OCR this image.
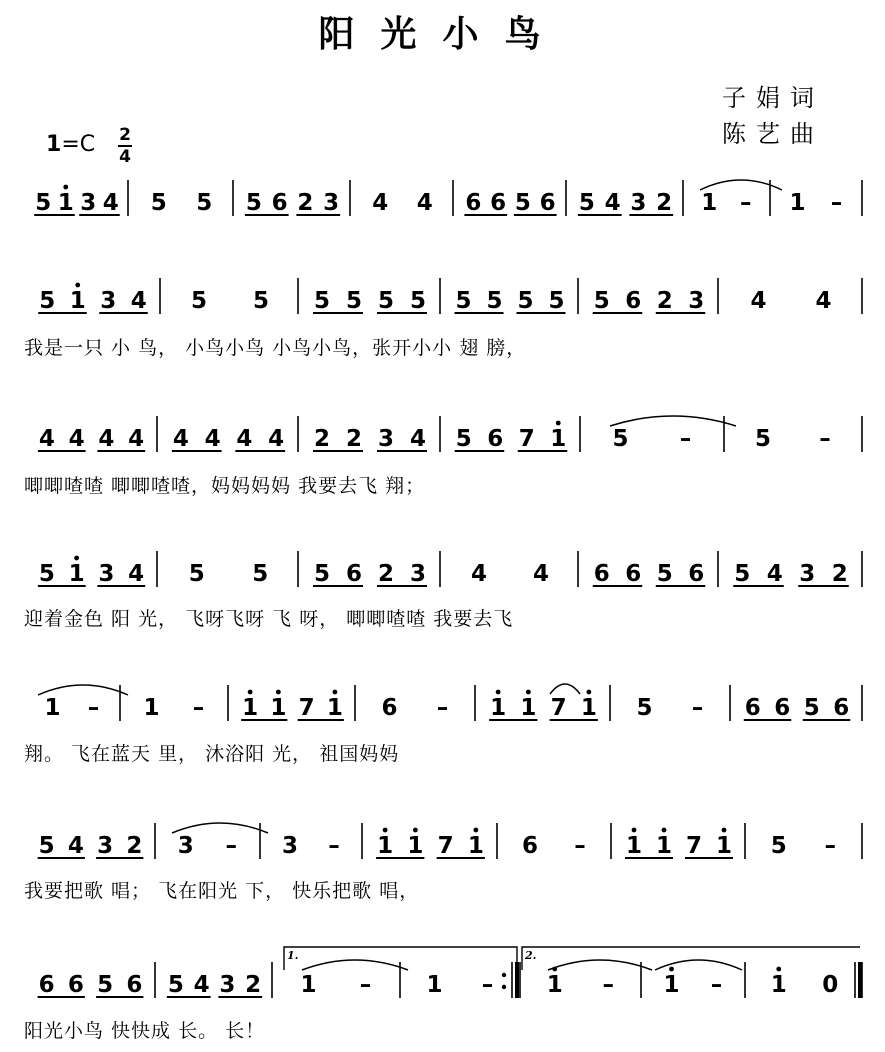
阳光小鸟
子娟词
陈艺曲
1=C 2
4
5 1 3 4 5 5 5 6 2 3 4 4 6 6 5 6 5 4 3 2 1 – 1 –
5 1 3 4 5 5 5 5 5 5 5 5 5 5 5 6 2 3 4 4
我是一只 小 鸟， 小鸟小鸟 小鸟小鸟，张开小小 翅 膀，
4 4 4 4 4 4 4 4 2 2 3 4 5 6 7 1 5 –	5 –
唧唧喳喳 唧唧喳喳，妈妈妈妈 我要去飞 翔；
5 1 3 4 5 5 5 6 2 3 4 4 6 6 5 6 5 4 3 2
迎着金色 阳 光， 飞呀飞呀 飞 呀， 唧唧喳喳 我要去飞
1 – 1 – 1 1 7 1 6 – 1 1 7 1 5 – 6 6 5 6
翔。 飞在蓝天 里， 沐浴阳 光， 祖国妈妈
5 4 3 2 3 – 3 – 1 1 7 1 6 – 1 1 7 1 5 –
我要把歌 唱； 飞在阳光 下， 快乐把歌 唱，
6 6 5 6 5 4 3 2 1 – 1 – 1 – 1 – 1 0
阳光小鸟 快快成 长。 长！
1.	2.
